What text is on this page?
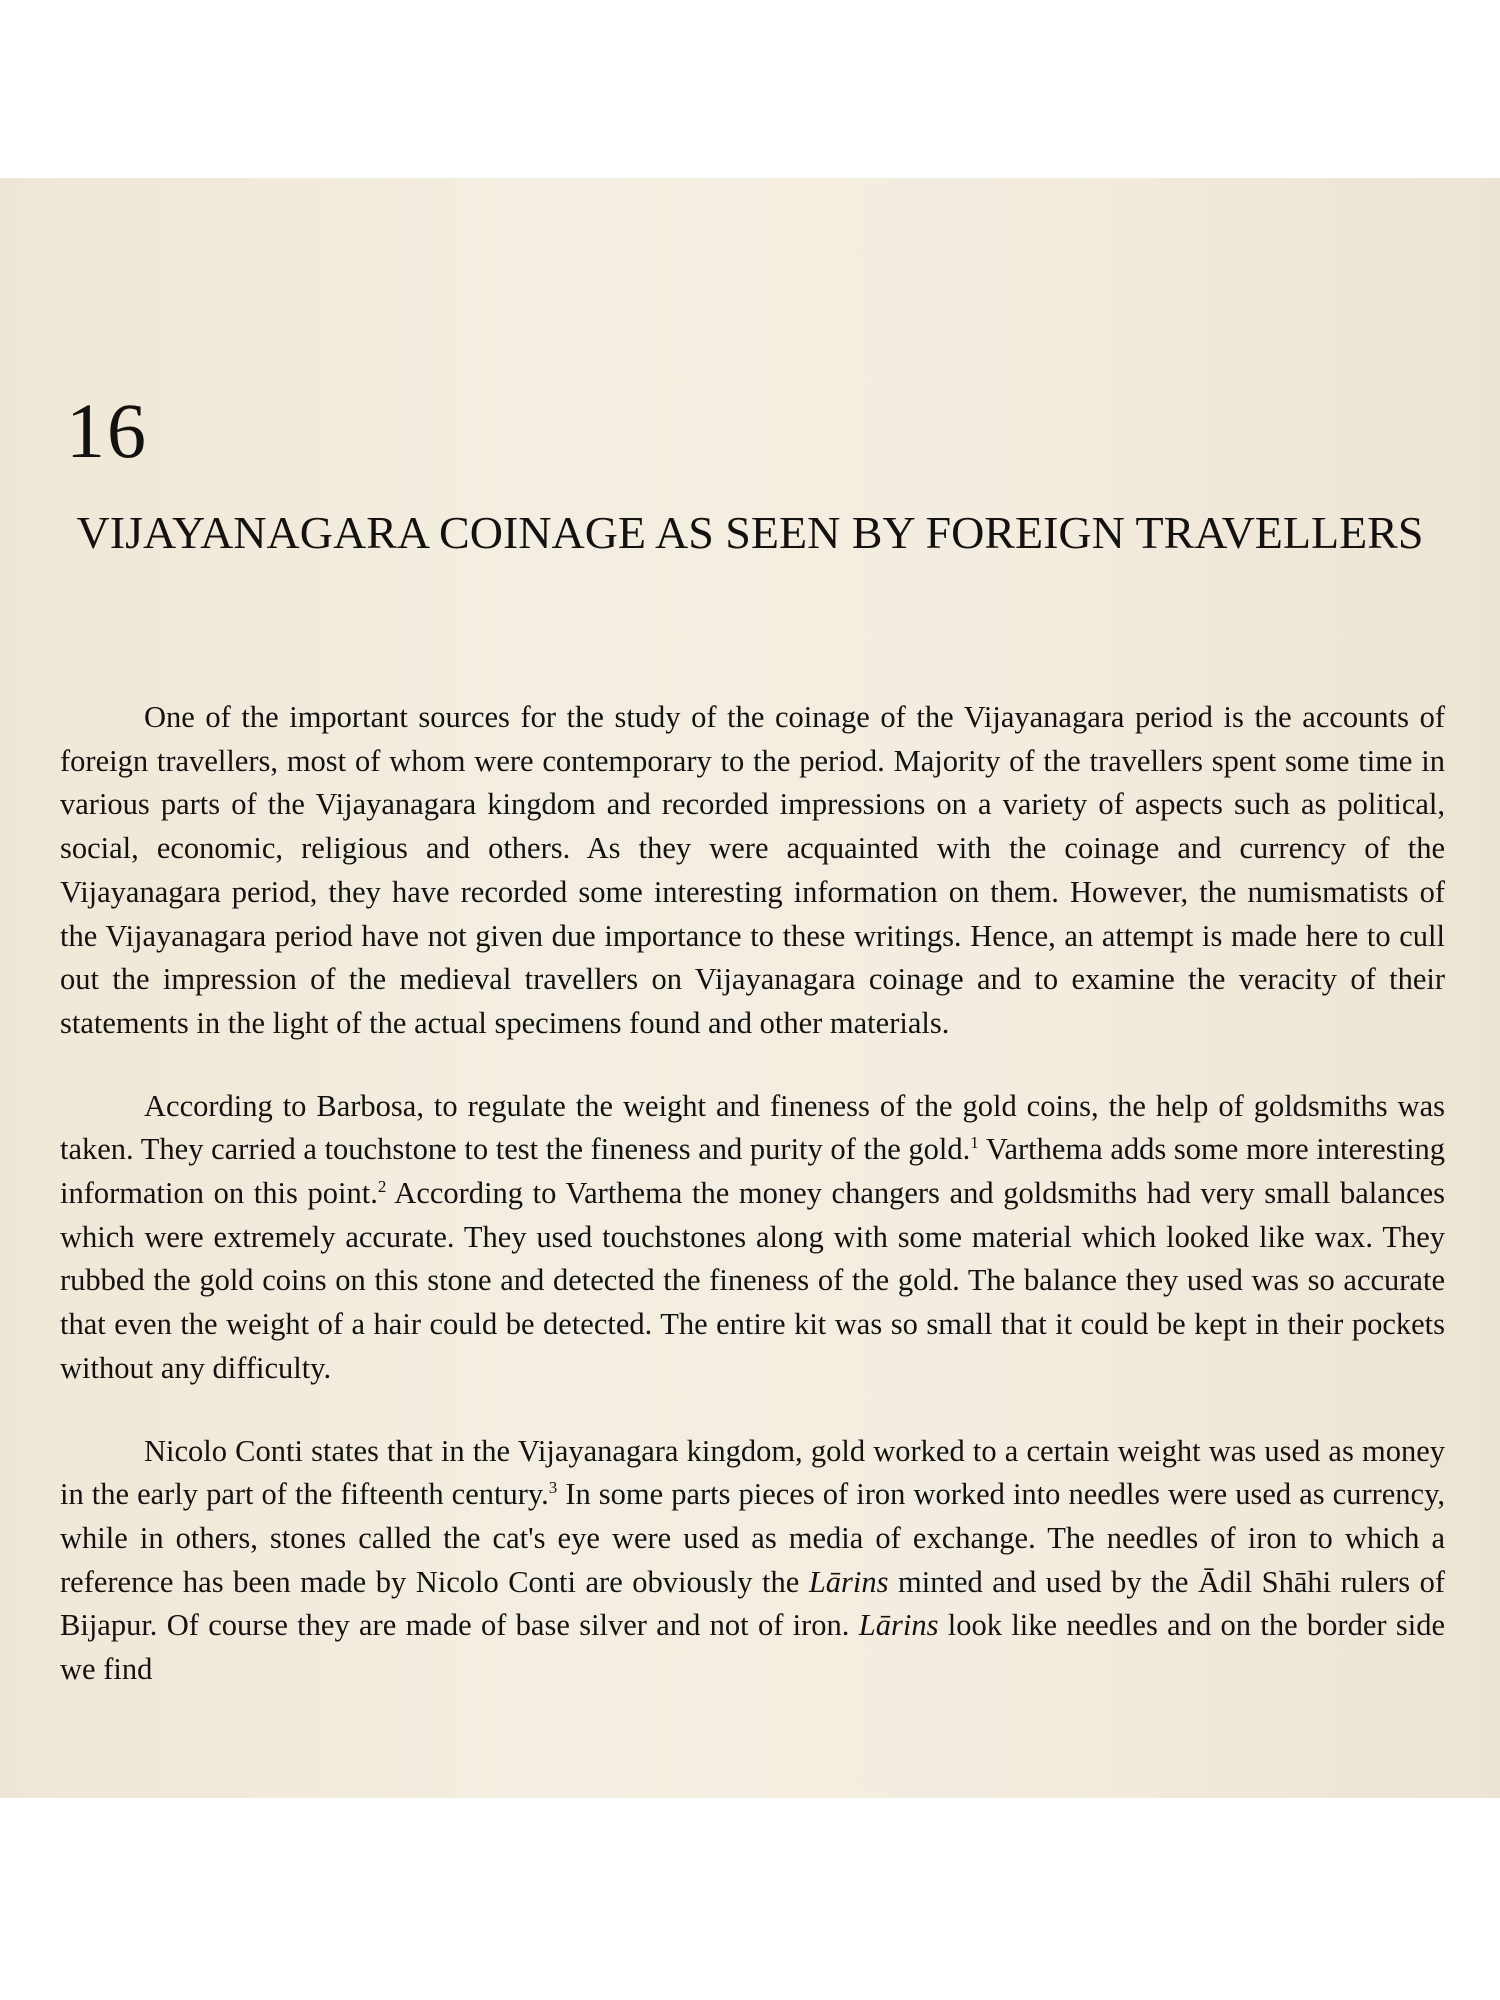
16
VIJAYANAGARA COINAGE AS SEEN BY FOREIGN TRAVELLERS

One of the important sources for the study of the coinage of the Vijayanagara period is the accounts of foreign travellers, most of whom were contemporary to the period. Majority of the travellers spent some time in various parts of the Vijayanagara kingdom and recorded impressions on a variety of aspects such as political, social, economic, religious and others. As they were acquainted with the coinage and currency of the Vijayanagara period, they have recorded some interesting information on them. However, the numismatists of the Vijayanagara period have not given due importance to these writings. Hence, an attempt is made here to cull out the impression of the medieval travellers on Vijayanagara coinage and to examine the veracity of their statements in the light of the actual specimens found and other materials.

According to Barbosa, to regulate the weight and fineness of the gold coins, the help of goldsmiths was taken. They carried a touchstone to test the fineness and purity of the gold.$^1$ Varthema adds some more interesting information on this point.$^2$ According to Varthema the money changers and goldsmiths had very small balances which were extremely accurate. They used touchstones along with some material which looked like wax. They rubbed the gold coins on this stone and detected the fineness of the gold. The balance they used was so accurate that even the weight of a hair could be detected. The entire kit was so small that it could be kept in their pockets without any difficulty.

Nicolo Conti states that in the Vijayanagara kingdom, gold worked to a certain weight was used as money in the early part of the fifteenth century.$^3$ In some parts pieces of iron worked into needles were used as currency, while in others, stones called the cat's eye were used as media of exchange. The needles of iron to which a reference has been made by Nicolo Conti are obviously the Lārins minted and used by the Ādil Shāhi rulers of Bijapur. Of course they are made of base silver and not of iron. Lārins look like needles and on the border side we find
